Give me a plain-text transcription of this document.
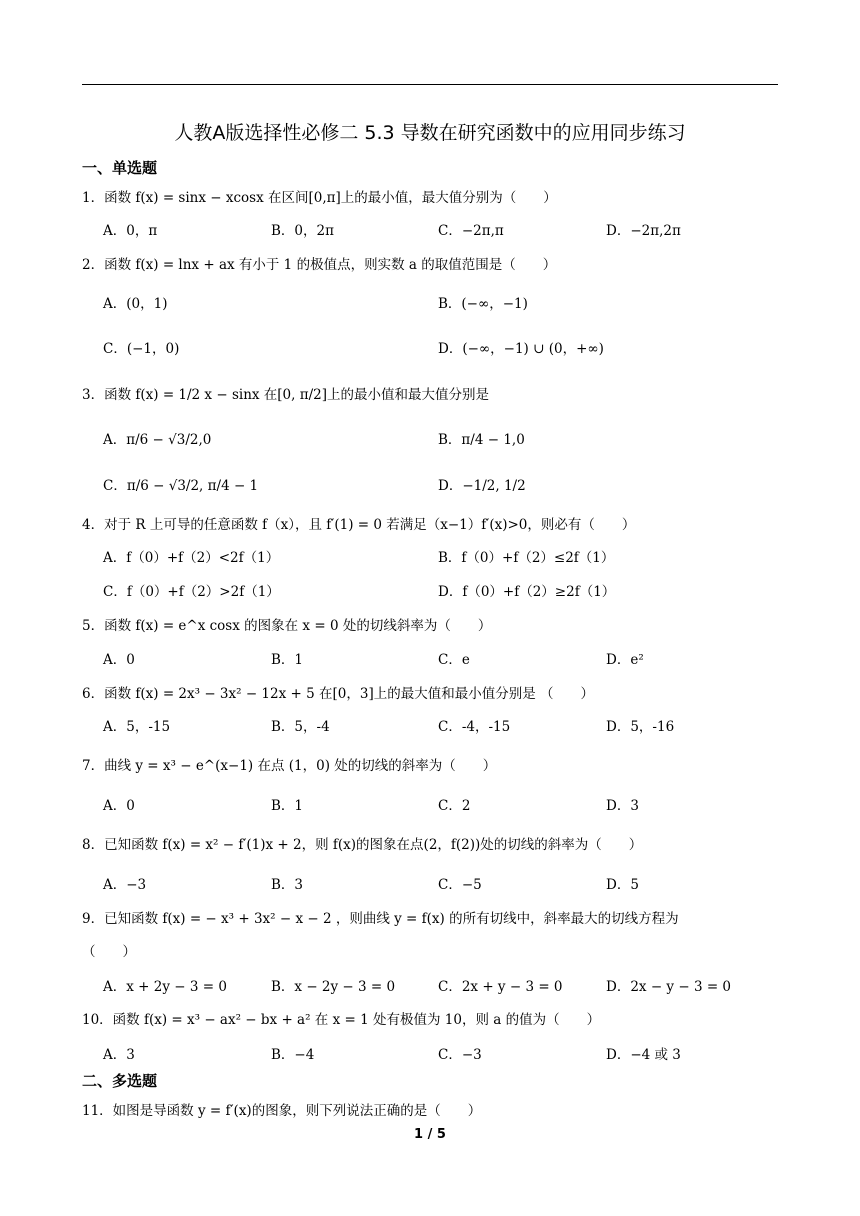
人教A版选择性必修二 5.3 导数在研究函数中的应用同步练习
一、单选题
1．函数 f(x) = sinx − xcosx 在区间[0,π]上的最小值，最大值分别为（　　）
A．0，π	B．0，2π	C．−2π,π	D．−2π,2π
2．函数 f(x) = lnx + ax 有小于 1 的极值点，则实数 a 的取值范围是（　　）
A．(0，1)	B．(−∞，−1)
C．(−1，0)	D．(−∞，−1) ∪ (0，+∞)
3．函数 f(x) = 1/2 x − sinx 在[0, π/2]上的最小值和最大值分别是
A．π/6 − √3/2,0	B．π/4 − 1,0
C．π/6 − √3/2, π/4 − 1	D．−1/2, 1/2
4．对于 R 上可导的任意函数 f（x），且 f′(1) = 0 若满足（x−1）f′(x)>0，则必有（　　）
A．f（0）+f（2）<2f（1）	B．f（0）+f（2）≤2f（1）
C．f（0）+f（2）>2f（1）	D．f（0）+f（2）≥2f（1）
5．函数 f(x) = e^x cosx 的图象在 x = 0 处的切线斜率为（　　）
A．0	B．1	C．e	D．e²
6．函数 f(x) = 2x³ − 3x² − 12x + 5 在[0，3]上的最大值和最小值分别是 （　　）
A．5，-15	B．5，-4	C．-4，-15	D．5，-16
7．曲线 y = x³ − e^(x−1) 在点 (1，0) 处的切线的斜率为（　　）
A．0	B．1	C．2	D．3
8．已知函数 f(x) = x² − f′(1)x + 2，则 f(x)的图象在点(2，f(2))处的切线的斜率为（　　）
A．−3	B．3	C．−5	D．5
9．已知函数 f(x) = − x³ + 3x² − x − 2 ，则曲线 y = f(x) 的所有切线中，斜率最大的切线方程为
（　　）
A．x + 2y − 3 = 0	B．x − 2y − 3 = 0	C．2x + y − 3 = 0	D．2x − y − 3 = 0
10．函数 f(x) = x³ − ax² − bx + a² 在 x = 1 处有极值为 10，则 a 的值为（　　）
A．3	B．−4	C．−3	D．−4 或 3
二、多选题
11．如图是导函数 y = f′(x)的图象，则下列说法正确的是（　　）
1 / 5
